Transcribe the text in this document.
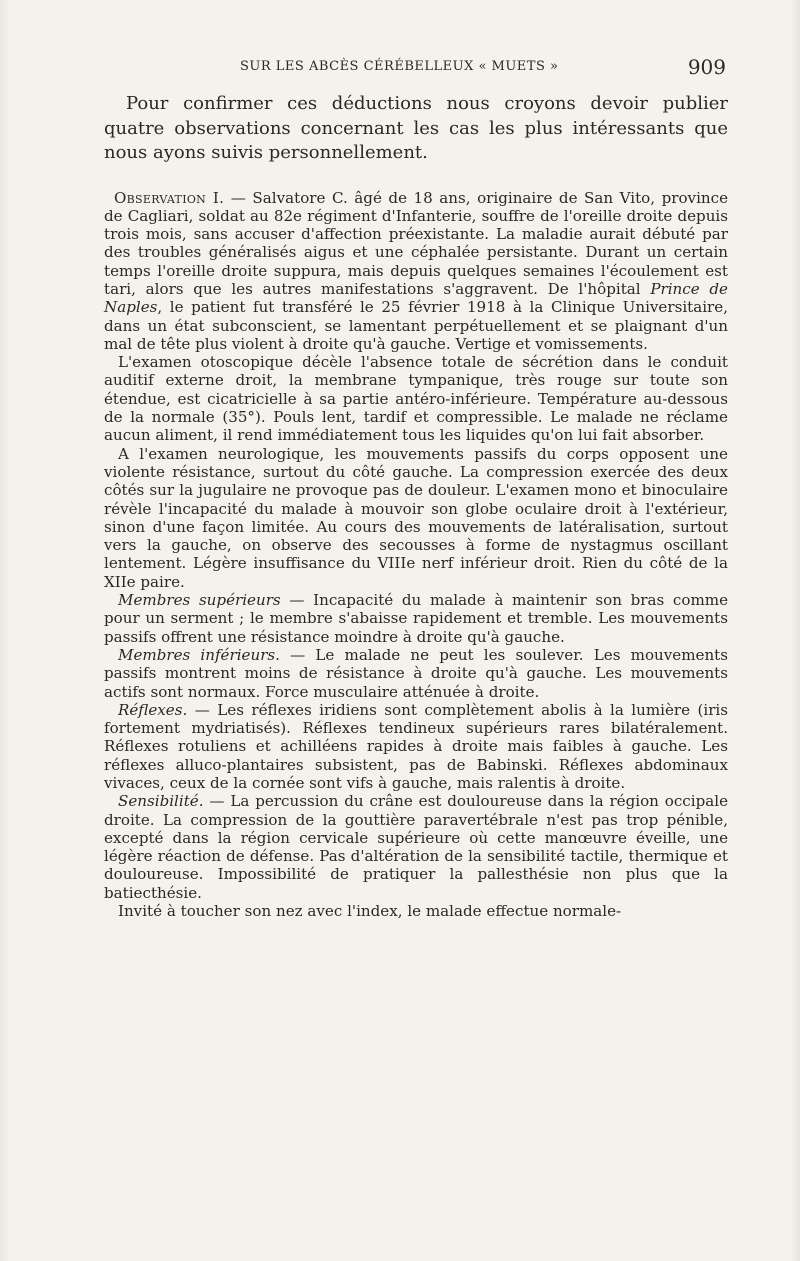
SUR LES ABCÈS CÉRÉBELLEUX « MUETS »	909

Pour confirmer ces déductions nous croyons devoir publier quatre observations concernant les cas les plus intéressants que nous ayons suivis personnellement.

Observation I. — Salvatore C. âgé de 18 ans, originaire de San Vito, province de Cagliari, soldat au 82e régiment d'Infanterie, souffre de l'oreille droite depuis trois mois, sans accuser d'affection préexistante. La maladie aurait débuté par des troubles généralisés aigus et une céphalée persistante. Durant un certain temps l'oreille droite suppura, mais depuis quelques semaines l'écoulement est tari, alors que les autres manifestations s'aggravent. De l'hôpital Prince de Naples, le patient fut transféré le 25 février 1918 à la Clinique Universitaire, dans un état subconscient, se lamentant perpétuellement et se plaignant d'un mal de tête plus violent à droite qu'à gauche. Vertige et vomissements.

L'examen otoscopique décèle l'absence totale de sécrétion dans le conduit auditif externe droit, la membrane tympanique, très rouge sur toute son étendue, est cicatricielle à sa partie antéro-inférieure. Température au-dessous de la normale (35°). Pouls lent, tardif et compressible. Le malade ne réclame aucun aliment, il rend immédiatement tous les liquides qu'on lui fait absorber.

A l'examen neurologique, les mouvements passifs du corps opposent une violente résistance, surtout du côté gauche. La compression exercée des deux côtés sur la jugulaire ne provoque pas de douleur. L'examen mono et binoculaire révèle l'incapacité du malade à mouvoir son globe oculaire droit à l'extérieur, sinon d'une façon limitée. Au cours des mouvements de latéralisation, surtout vers la gauche, on observe des secousses à forme de nystagmus oscillant lentement. Légère insuffisance du VIIIe nerf inférieur droit. Rien du côté de la XIIe paire.

Membres supérieurs — Incapacité du malade à maintenir son bras comme pour un serment ; le membre s'abaisse rapidement et tremble. Les mouvements passifs offrent une résistance moindre à droite qu'à gauche.

Membres inférieurs. — Le malade ne peut les soulever. Les mouvements passifs montrent moins de résistance à droite qu'à gauche. Les mouvements actifs sont normaux. Force musculaire atténuée à droite.

Réflexes. — Les réflexes iridiens sont complètement abolis à la lumière (iris fortement mydriatisés). Réflexes tendineux supérieurs rares bilatéralement. Réflexes rotuliens et achilléens rapides à droite mais faibles à gauche. Les réflexes alluco-plantaires subsistent, pas de Babinski. Réflexes abdominaux vivaces, ceux de la cornée sont vifs à gauche, mais ralentis à droite.

Sensibilité. — La percussion du crâne est douloureuse dans la région occipale droite. La compression de la gouttière paravertébrale n'est pas trop pénible, excepté dans la région cervicale supérieure où cette manœuvre éveille, une légère réaction de défense. Pas d'altération de la sensibilité tactile, thermique et douloureuse. Impossibilité de pratiquer la pallesthésie non plus que la batiecthésie.

Invité à toucher son nez avec l'index, le malade effectue normale-
